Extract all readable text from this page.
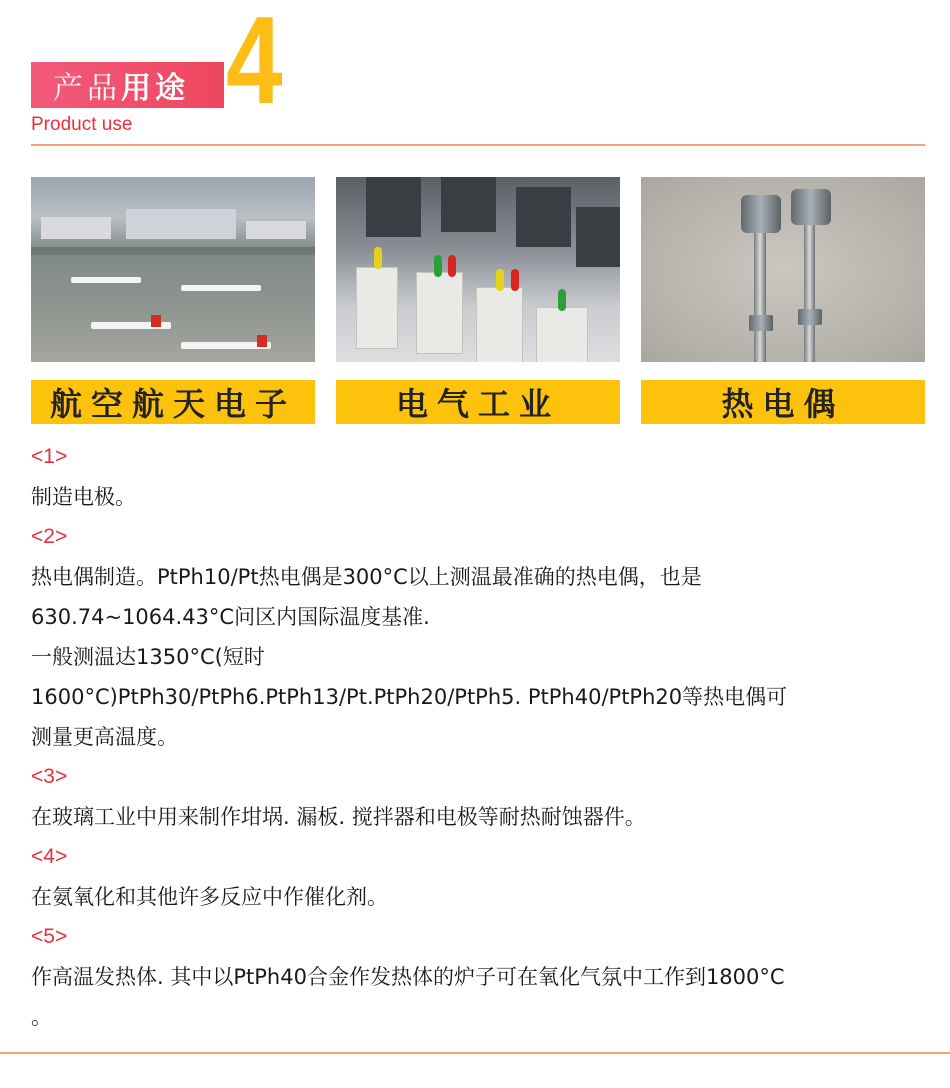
产品 用途 4
Product use
航空航天电子	电气工业	热电偶
<1>
制造电极。
<2>
热电偶制造。PtPh10/Pt热电偶是300°C以上测温最准确的热电偶，也是
630.74~1064.43°C问区内国际温度基准.
一般测温达1350°C(短时
1600°C)PtPh30/PtPh6.PtPh13/Pt.PtPh20/PtPh5. PtPh40/PtPh20等热电偶可
测量更高温度。
<3>
在玻璃工业中用来制作坩埚. 漏板. 搅拌器和电极等耐热耐蚀器件。
<4>
在氨氧化和其他许多反应中作催化剂。
<5>
作高温发热体. 其中以PtPh40合金作发热体的炉子可在氧化气氛中工作到1800°C
。
